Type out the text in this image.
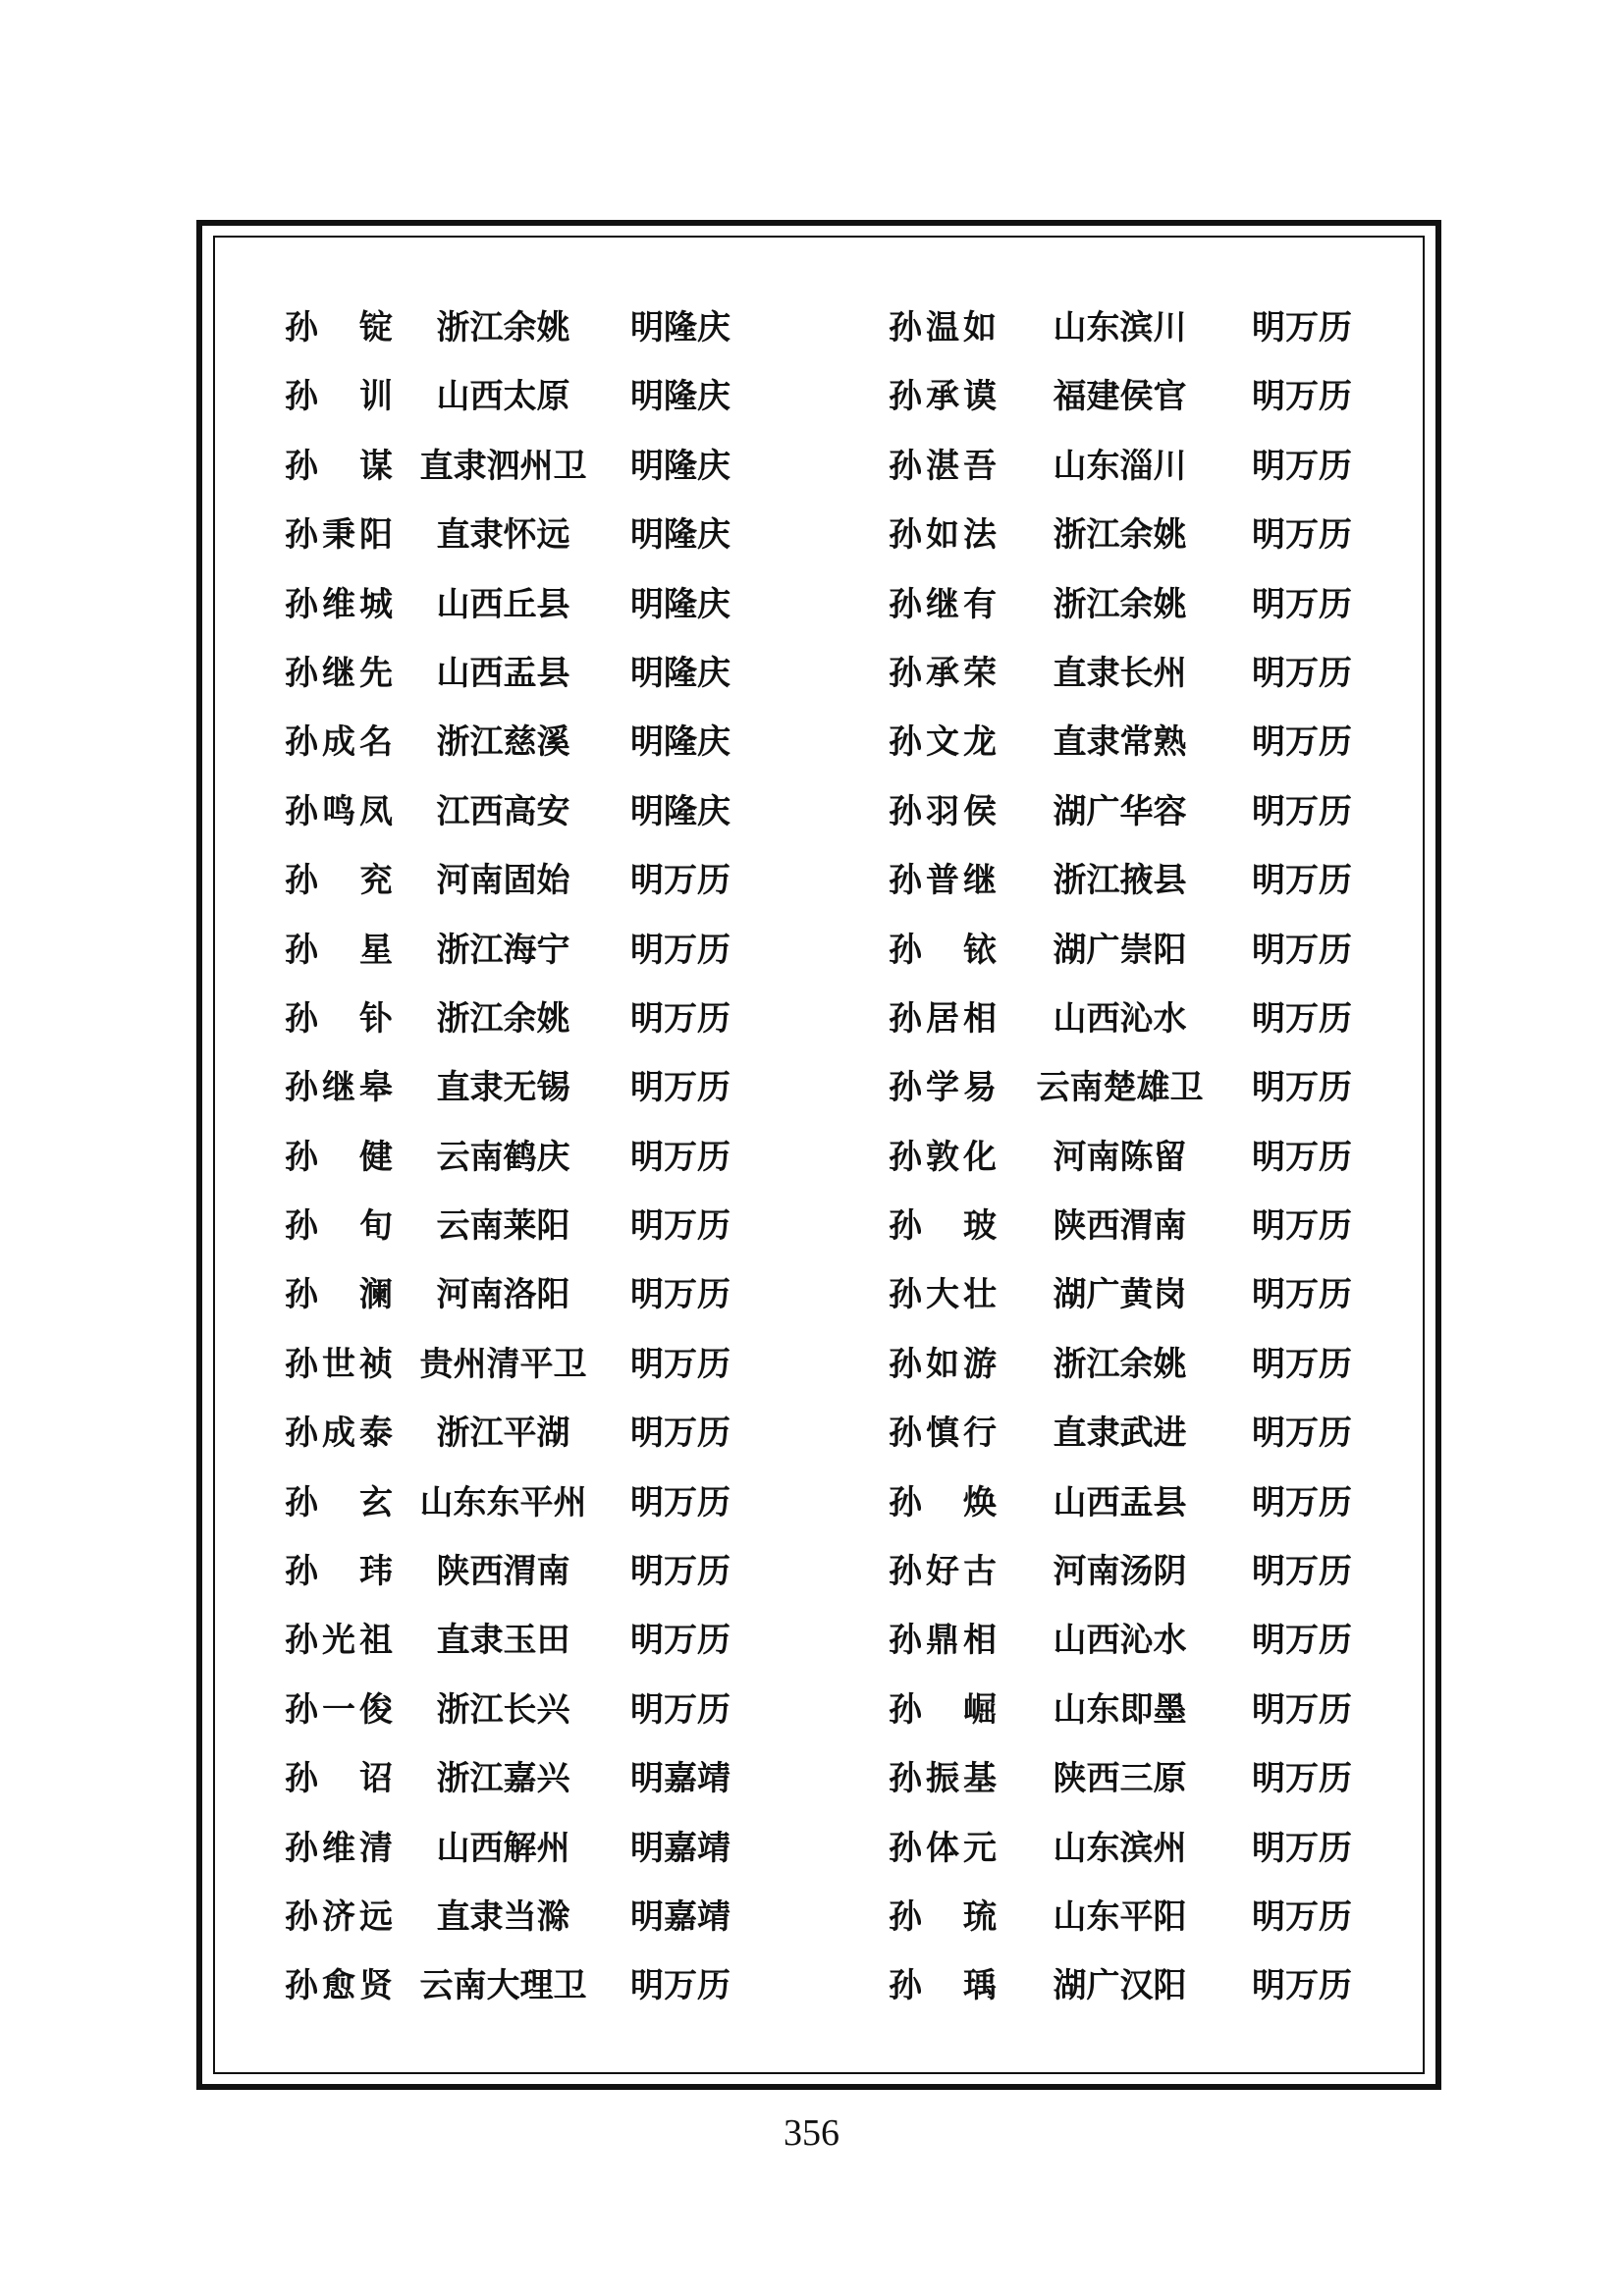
孙 锭	浙江余姚	明隆庆
孙 训	山西太原	明隆庆
孙 谋 直隶泗州卫 明隆庆
孙秉阳	直隶怀远	明隆庆
孙维城	山西丘县	明隆庆
孙继先	山西盂县	明隆庆
孙成名	浙江慈溪	明隆庆
孙鸣凤	江西高安	明隆庆
孙 兖	河南固始	明万历
孙 星	浙江海宁	明万历
孙 钋	浙江余姚	明万历
孙继皋	直隶无锡	明万历
孙 健	云南鹤庆	明万历
孙 旬	云南莱阳	明万历
孙 澜	河南洛阳	明万历
孙世祯 贵州清平卫 明万历
孙成泰	浙江平湖	明万历
孙 玄 山东东平州 明万历
孙 玮	陕西渭南	明万历
孙光祖	直隶玉田	明万历
孙一俊	浙江长兴	明万历
孙 诏	浙江嘉兴	明嘉靖
孙维清	山西解州	明嘉靖
孙济远	直隶当滁	明嘉靖
孙愈贤 云南大理卫 明万历
孙温如	山东滨川	明万历
孙承谟	福建侯官	明万历
孙湛吾	山东淄川	明万历
孙如法	浙江余姚	明万历
孙继有	浙江余姚	明万历
孙承荣	直隶长州	明万历
孙文龙	直隶常熟	明万历
孙羽侯	湖广华容	明万历
孙普继	浙江掖县	明万历
孙 铱	湖广崇阳	明万历
孙居相	山西沁水	明万历
孙学易 云南楚雄卫 明万历
孙敦化	河南陈留	明万历
孙 玻	陕西渭南	明万历
孙大壮	湖广黄岗	明万历
孙如游	浙江余姚	明万历
孙慎行	直隶武进	明万历
孙 焕	山西盂县	明万历
孙好古	河南汤阴	明万历
孙鼎相	山西沁水	明万历
孙 崛	山东即墨	明万历
孙振基	陕西三原	明万历
孙体元	山东滨州	明万历
孙 琉	山东平阳	明万历
孙 瑀	湖广汉阳	明万历
356
